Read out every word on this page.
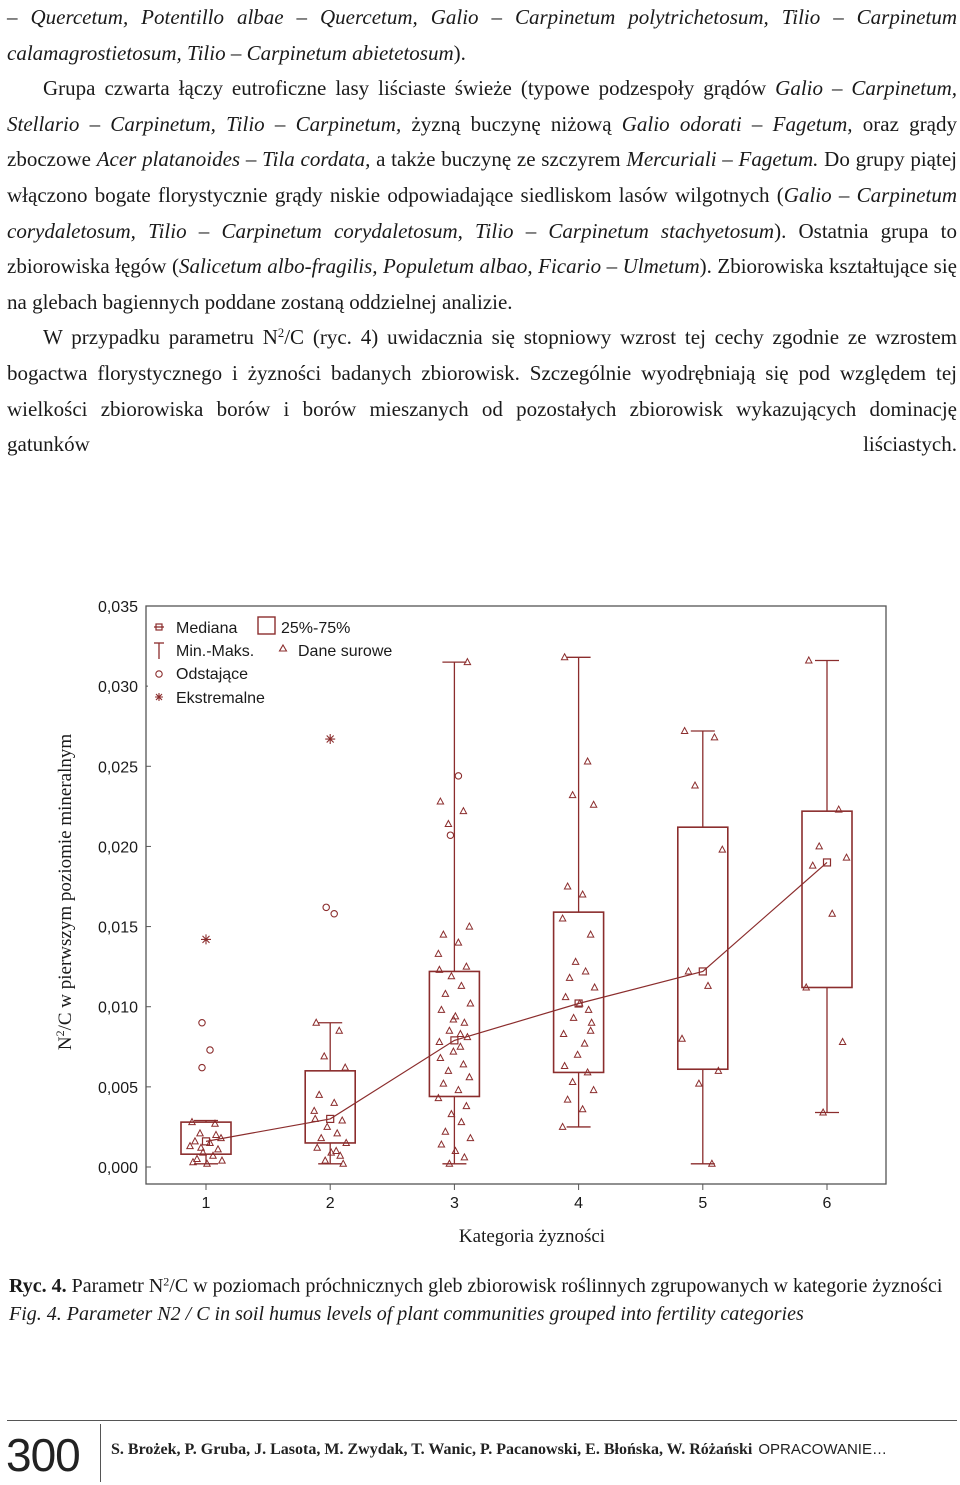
– Quercetum, Potentillo albae – Quercetum, Galio – Carpinetum polytrichetosum, Tilio – Carpinetum calamagrostietosum, Tilio – Carpinetum abietetosum).

Grupa czwarta łączy eutroficzne lasy liściaste świeże (typowe podzespoły grądów Galio – Carpinetum, Stellario – Carpinetum, Tilio – Carpinetum, żyzną buczynę niżową Galio odorati – Fagetum, oraz grądy zboczowe Acer platanoides – Tila cordata, a także buczynę ze szczyrem Mercuriali – Fagetum. Do grupy piątej włączono bogate florystycznie grądy niskie odpowiadające siedliskom lasów wilgotnych (Galio – Carpinetum corydaletosum, Tilio – Carpinetum corydaletosum, Tilio – Carpinetum stachyetosum). Ostatnia grupa to zbiorowiska łęgów (Salicetum albo-fragilis, Populetum albao, Ficario – Ulmetum). Zbiorowiska kształtujące się na glebach bagiennych poddane zostaną oddzielnej analizie.

W przypadku parametru $N^2/C$ (ryc. 4) uwidacznia się stopniowy wzrost tej cechy zgodnie ze wzrostem bogactwa florystycznego i żyzności badanych zbiorowisk. Szczególnie wyodrębniają się pod względem tej wielkości zbiorowiska borów i borów mieszanych od pozostałych zbiorowisk wykazujących dominację gatunków liściastych.

0,000
0,005
0,010
0,015
0,020
0,025
0,030
0,035
1	2	3	4	5	6
Mediana	25%-75%
Min.-Maks.	Dane surowe
Odstające
Ekstremalne
Kategoria żyzności
$N^2/C$ w pierwszym poziomie mineralnym

Ryc. 4. Parametr $N^2/C$ w poziomach próchnicznych gleb zbiorowisk roślinnych zgrupowanych w kategorie żyzności

Fig. 4. Parameter N2 / C in soil humus levels of plant communities grouped into fertility categories

300 S. Brożek, P. Gruba, J. Lasota, M. Zwydak, T. Wanic, P. Pacanowski, E. Błońska, W. Różański OPRACOWANIE…
